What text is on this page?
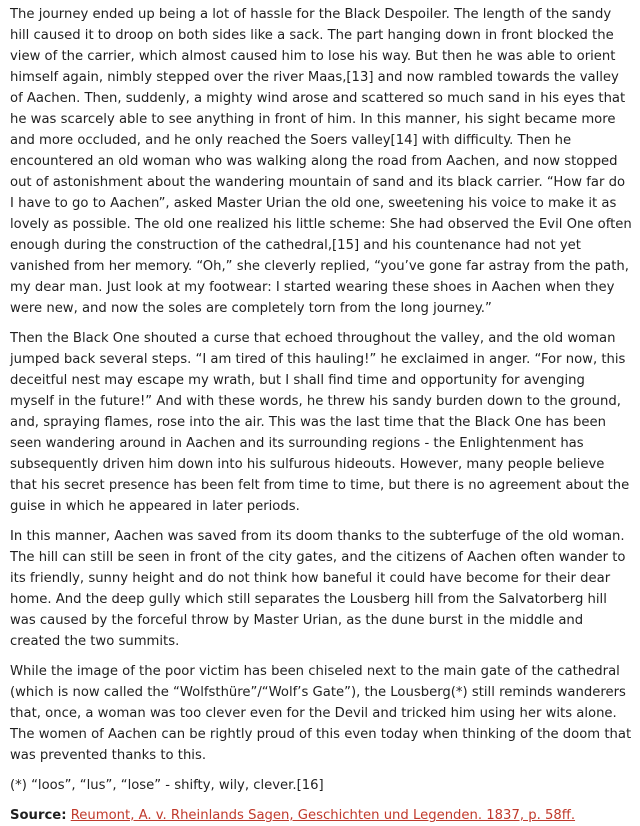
The journey ended up being a lot of hassle for the Black Despoiler. The length of the sandy hill caused it to droop on both sides like a sack. The part hanging down in front blocked the view of the carrier, which almost caused him to lose his way. But then he was able to orient himself again, nimbly stepped over the river Maas,[13] and now rambled towards the valley of Aachen. Then, suddenly, a mighty wind arose and scattered so much sand in his eyes that he was scarcely able to see anything in front of him. In this manner, his sight became more and more occluded, and he only reached the Soers valley[14] with difficulty. Then he encountered an old woman who was walking along the road from Aachen, and now stopped out of astonishment about the wandering mountain of sand and its black carrier. “How far do I have to go to Aachen”, asked Master Urian the old one, sweetening his voice to make it as lovely as possible. The old one realized his little scheme: She had observed the Evil One often enough during the construction of the cathedral,[15] and his countenance had not yet vanished from her memory. “Oh,” she cleverly replied, “you’ve gone far astray from the path, my dear man. Just look at my footwear: I started wearing these shoes in Aachen when they were new, and now the soles are completely torn from the long journey.”

Then the Black One shouted a curse that echoed throughout the valley, and the old woman jumped back several steps. “I am tired of this hauling!” he exclaimed in anger. “For now, this deceitful nest may escape my wrath, but I shall find time and opportunity for avenging myself in the future!” And with these words, he threw his sandy burden down to the ground, and, spraying flames, rose into the air. This was the last time that the Black One has been seen wandering around in Aachen and its surrounding regions - the Enlightenment has subsequently driven him down into his sulfurous hideouts. However, many people believe that his secret presence has been felt from time to time, but there is no agreement about the guise in which he appeared in later periods.

In this manner, Aachen was saved from its doom thanks to the subterfuge of the old woman. The hill can still be seen in front of the city gates, and the citizens of Aachen often wander to its friendly, sunny height and do not think how baneful it could have become for their dear home. And the deep gully which still separates the Lousberg hill from the Salvatorberg hill was caused by the forceful throw by Master Urian, as the dune burst in the middle and created the two summits.

While the image of the poor victim has been chiseled next to the main gate of the cathedral (which is now called the “Wolfsthüre”/“Wolf’s Gate”), the Lousberg(*) still reminds wanderers that, once, a woman was too clever even for the Devil and tricked him using her wits alone. The women of Aachen can be rightly proud of this even today when thinking of the doom that was prevented thanks to this.

(*) “loos”, “lus”, “lose” - shifty, wily, clever.[16]

Source: Reumont, A. v. Rheinlands Sagen, Geschichten und Legenden. 1837, p. 58ff.
